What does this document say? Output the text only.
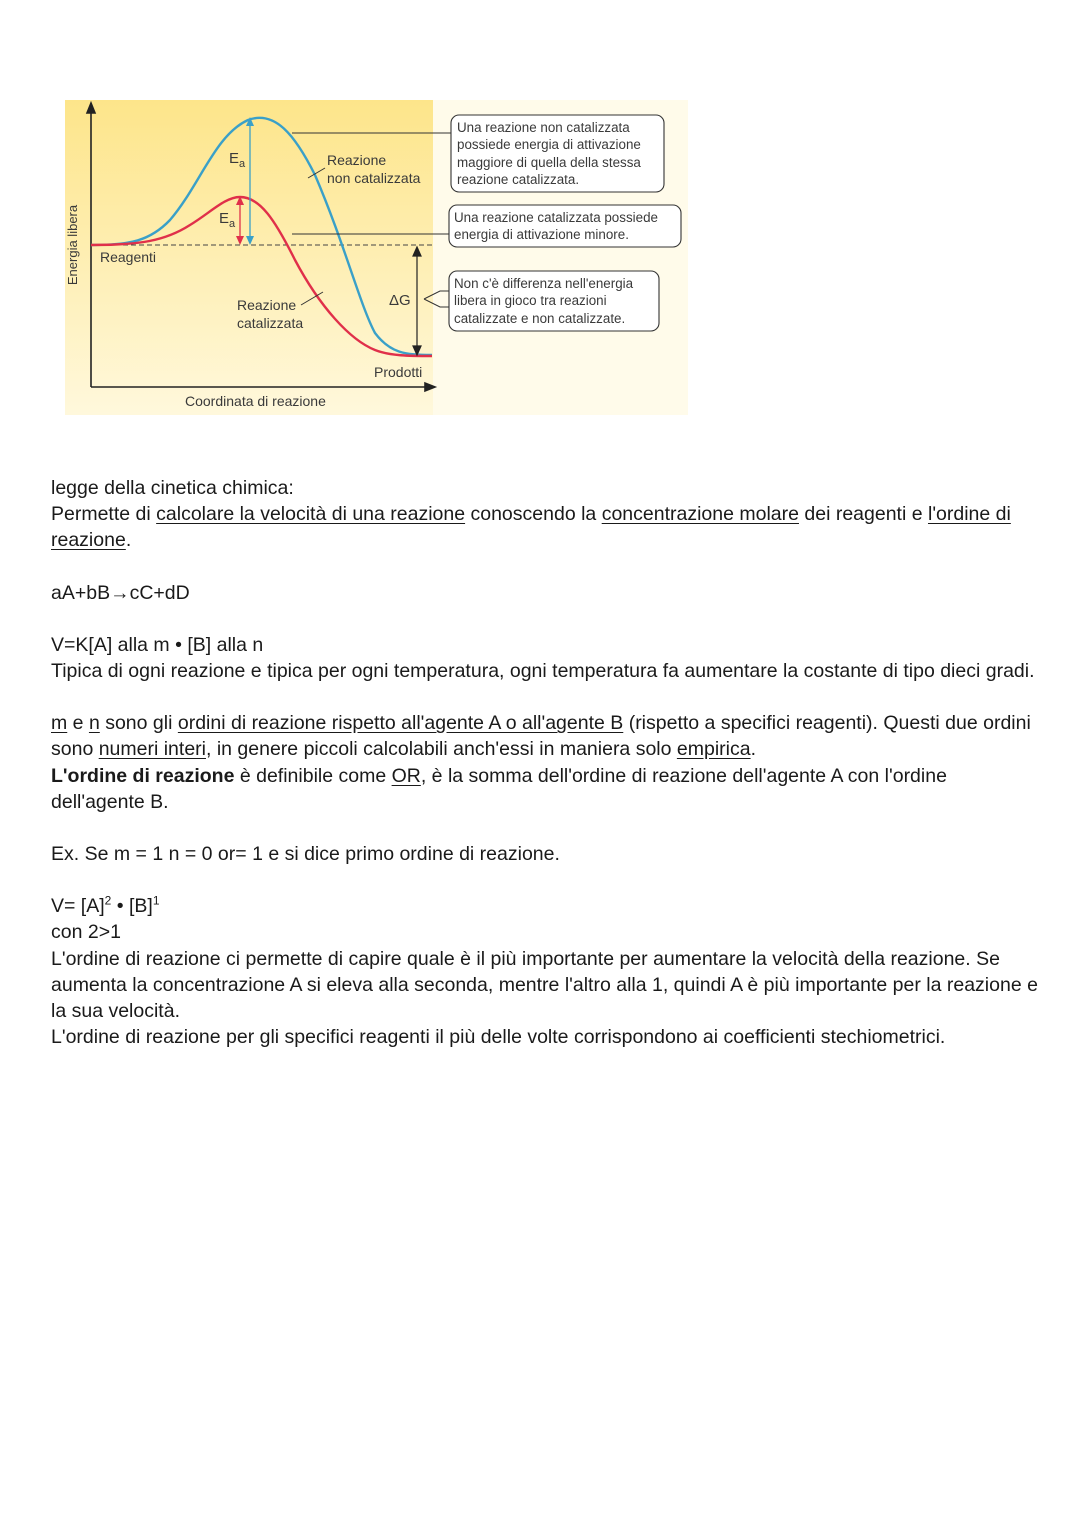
Energia libera Reagenti
Prodotti
Coordinata di reazione
$E_a$
$E_a$
ΔG
Reazione non catalizzata
Reazione catalizzata
Una reazione non catalizzata possiede energia di attivazione maggiore di quella della stessa reazione catalizzata.
Una reazione catalizzata possiede energia di attivazione minore.
Non c'è differenza nell'energia libera in gioco tra reazioni catalizzate e non catalizzate.

legge della cinetica chimica:

Permette di calcolare la velocità di una reazione conoscendo la concentrazione molare dei reagenti e l'ordine di reazione.

aA+bB→cC+dD

V=K[A] alla m • [B] alla n

Tipica di ogni reazione e tipica per ogni temperatura, ogni temperatura fa aumentare la costante di tipo dieci gradi.

m e n sono gli ordini di reazione rispetto all'agente A o all'agente B (rispetto a specifici reagenti). Questi due ordini sono numeri interi, in genere piccoli calcolabili anch'essi in maniera solo empirica.

L'ordine di reazione è definibile come OR, è la somma dell'ordine di reazione dell'agente A con l'ordine dell'agente B.

Ex. Se m = 1 n = 0 or= 1 e si dice primo ordine di reazione.

$V= [A]^2$ • $[B]^1$

con 2>1

L'ordine di reazione ci permette di capire quale è il più importante per aumentare la velocità della reazione. Se aumenta la concentrazione A si eleva alla seconda, mentre l'altro alla 1, quindi A è più importante per la reazione e la sua velocità.

L'ordine di reazione per gli specifici reagenti il più delle volte corrispondono ai coefficienti stechiometrici.
